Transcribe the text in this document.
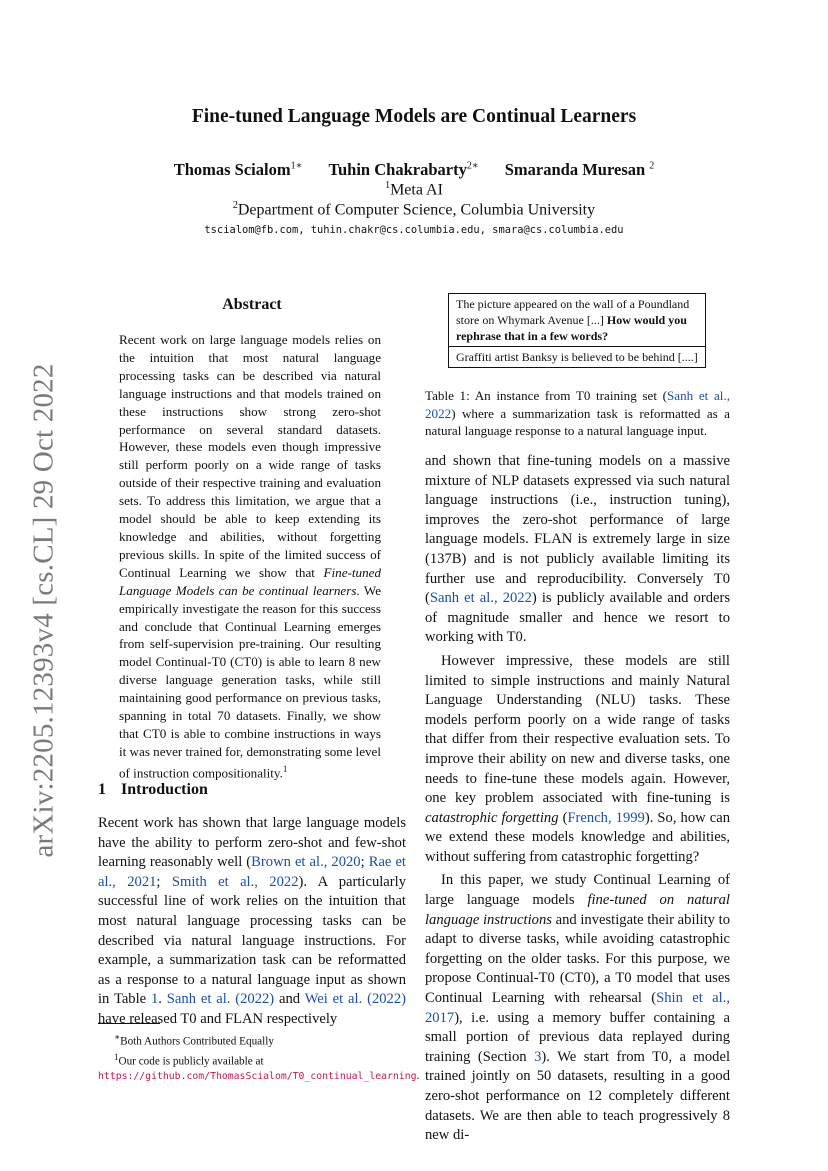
arXiv:2205.12393v4 [cs.CL] 29 Oct 2022
Fine-tuned Language Models are Continual Learners
Thomas Scialom$^{1∗}$ Tuhin Chakrabarty$^{2∗}$ Smaranda Muresan $^2$
$^1$Meta AI
$^2$Department of Computer Science, Columbia University
tscialom@fb.com, tuhin.chakr@cs.columbia.edu, smara@cs.columbia.edu
Abstract

Recent work on large language models relies on the intuition that most natural language processing tasks can be described via natural language instructions and that models trained on these instructions show strong zero-shot performance on several standard datasets. However, these models even though impressive still perform poorly on a wide range of tasks outside of their respective training and evaluation sets. To address this limitation, we argue that a model should be able to keep extending its knowledge and abilities, without forgetting previous skills. In spite of the limited success of Continual Learning we show that Fine-tuned Language Models can be continual learners. We empirically investigate the reason for this success and conclude that Continual Learning emerges from self-supervision pre-training. Our resulting model Continual-T0 (CT0) is able to learn 8 new diverse language generation tasks, while still maintaining good performance on previous tasks, spanning in total 70 datasets. Finally, we show that CT0 is able to combine instructions in ways it was never trained for, demonstrating some level of instruction compositionality.$^1$

1 Introduction

Recent work has shown that large language models have the ability to perform zero-shot and few-shot learning reasonably well (Brown et al., 2020; Rae et al., 2021; Smith et al., 2022). A particularly successful line of work relies on the intuition that most natural language processing tasks can be described via natural language instructions. For example, a summarization task can be reformatted as a response to a natural language input as shown in Table 1. Sanh et al. (2022) and Wei et al. (2022) have released T0 and FLAN respectively

∗Both Authors Contributed Equally

$^1$Our code is publicly available at https://github.com/ThomasScialom/T0_continual_learning.

The picture appeared on the wall of a Poundland store on Whymark Avenue [...] How would you rephrase that in a few words?
Graffiti artist Banksy is believed to be behind [....]

Table 1: An instance from T0 training set (Sanh et al., 2022) where a summarization task is reformatted as a natural language response to a natural language input.

and shown that fine-tuning models on a massive mixture of NLP datasets expressed via such natural language instructions (i.e., instruction tuning), improves the zero-shot performance of large language models. FLAN is extremely large in size (137B) and is not publicly available limiting its further use and reproducibility. Conversely T0 (Sanh et al., 2022) is publicly available and orders of magnitude smaller and hence we resort to working with T0.

However impressive, these models are still limited to simple instructions and mainly Natural Language Understanding (NLU) tasks. These models perform poorly on a wide range of tasks that differ from their respective evaluation sets. To improve their ability on new and diverse tasks, one needs to fine-tune these models again. However, one key problem associated with fine-tuning is catastrophic forgetting (French, 1999). So, how can we extend these models knowledge and abilities, without suffering from catastrophic forgetting?

In this paper, we study Continual Learning of large language models fine-tuned on natural language instructions and investigate their ability to adapt to diverse tasks, while avoiding catastrophic forgetting on the older tasks. For this purpose, we propose Continual-T0 (CT0), a T0 model that uses Continual Learning with rehearsal (Shin et al., 2017), i.e. using a memory buffer containing a small portion of previous data replayed during training (Section 3). We start from T0, a model trained jointly on 50 datasets, resulting in a good zero-shot performance on 12 completely different datasets. We are then able to teach progressively 8 new di-
